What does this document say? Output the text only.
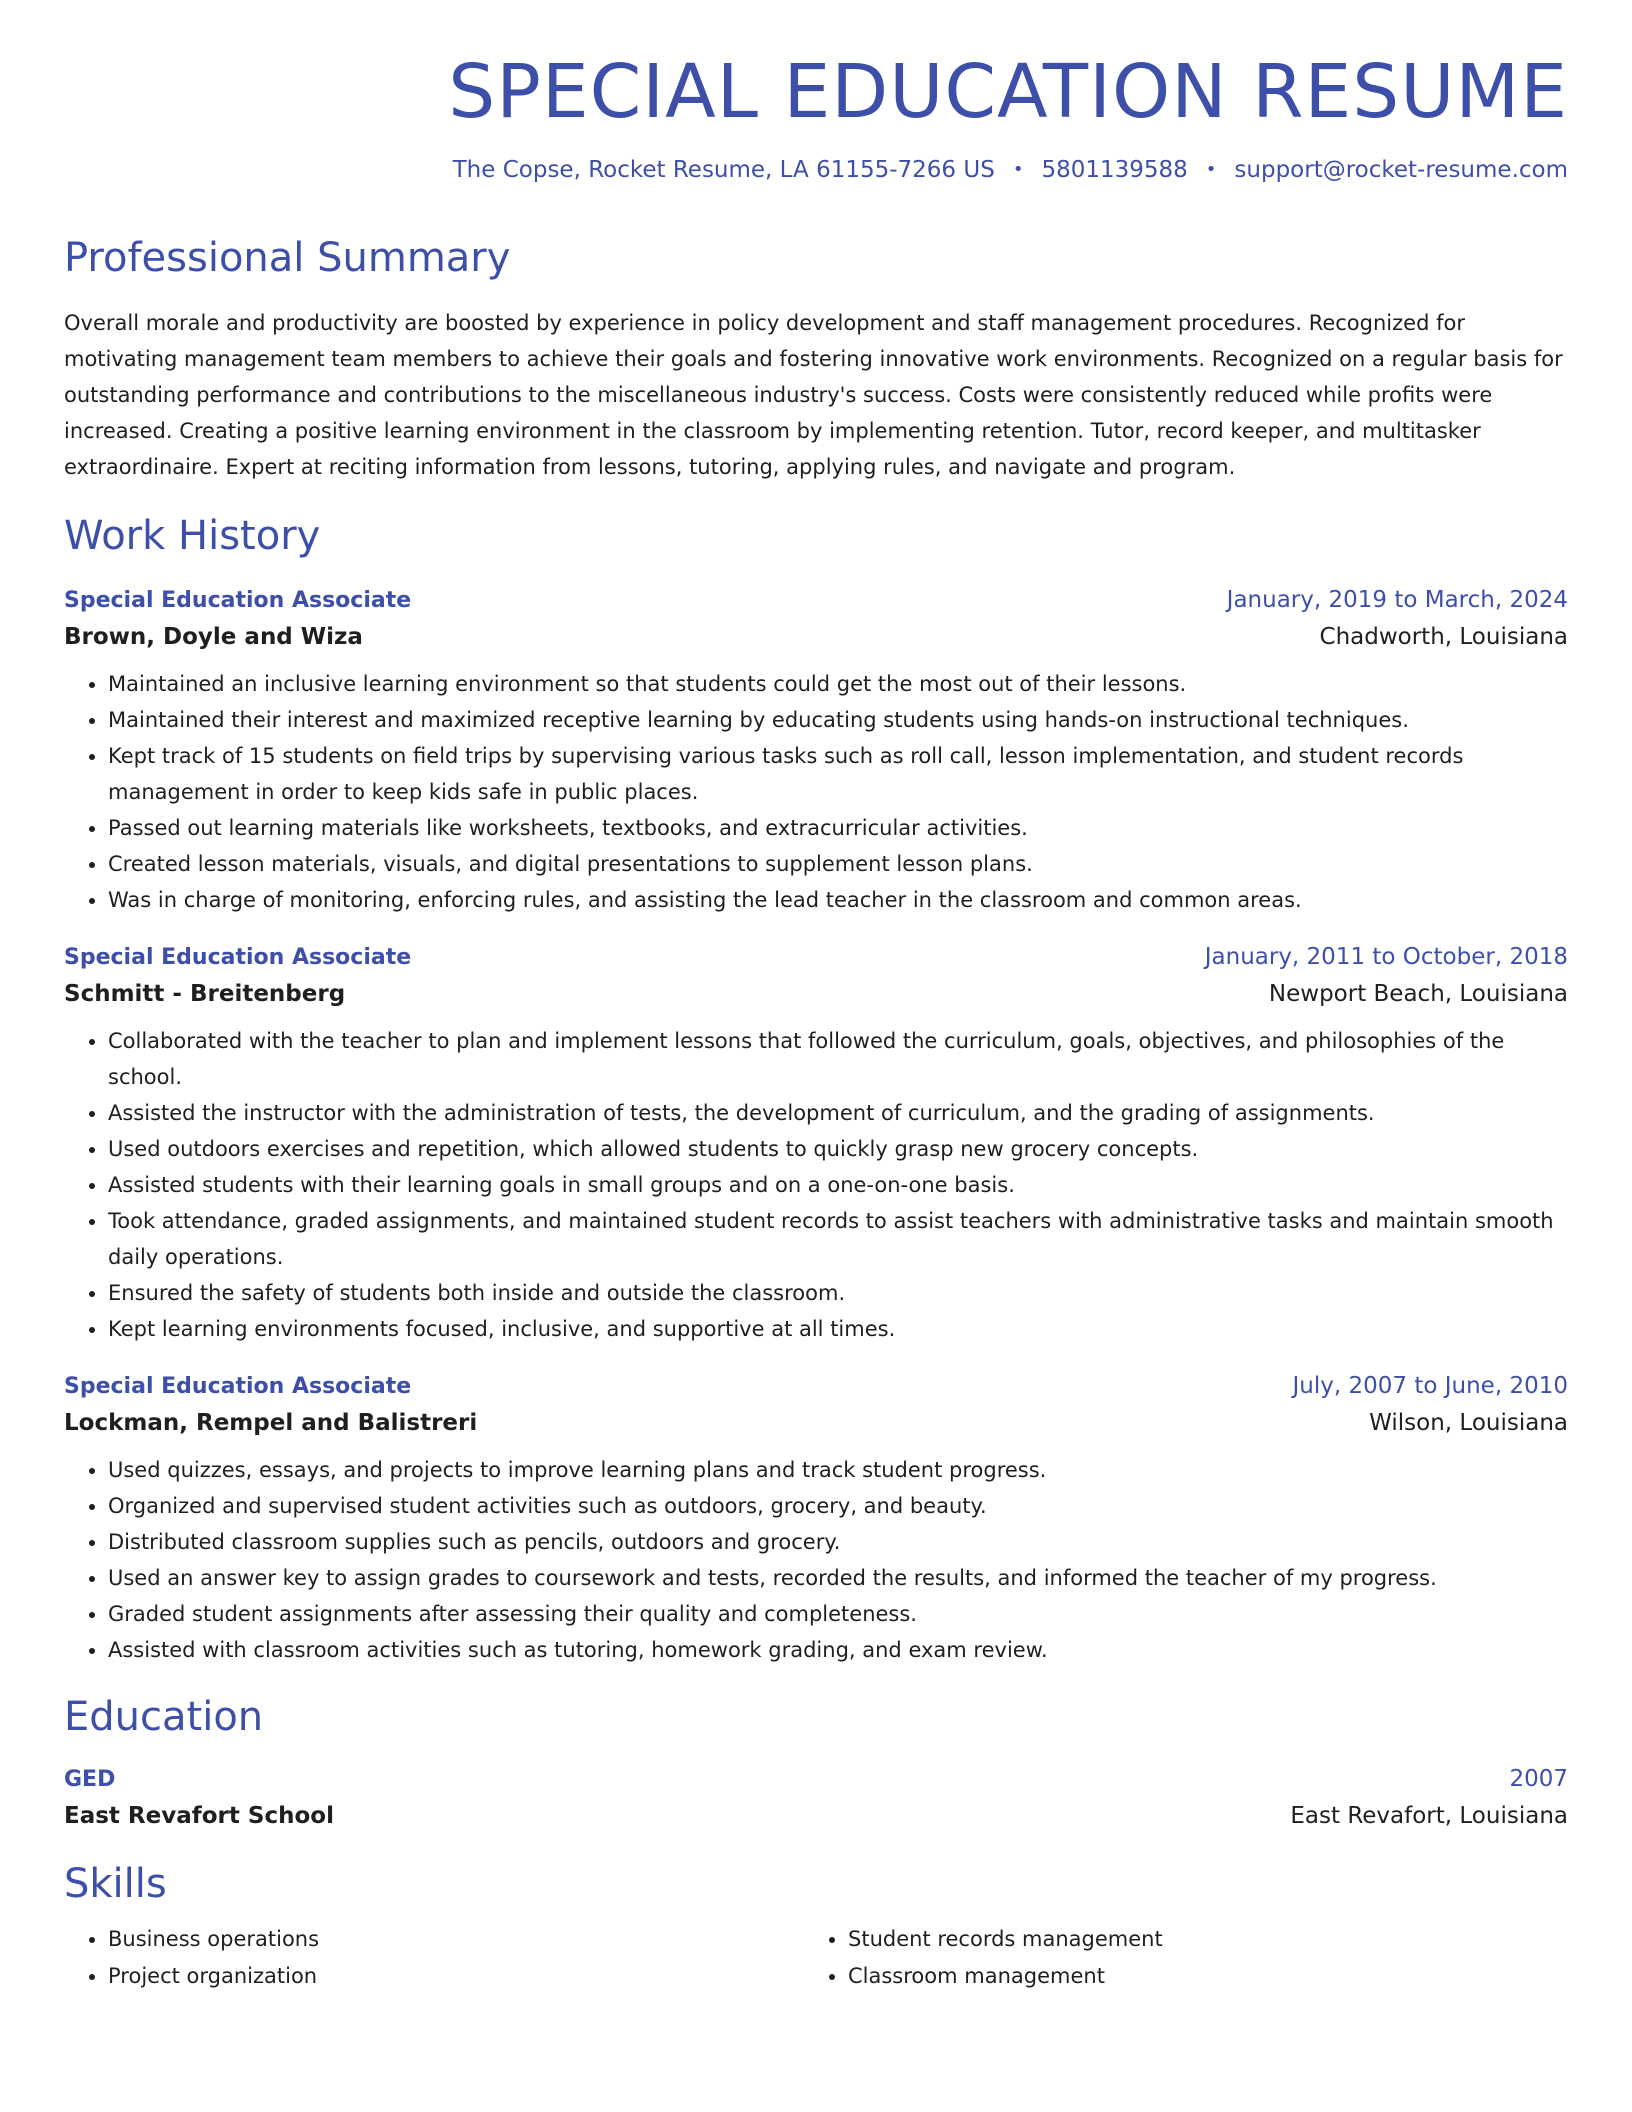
SPECIAL EDUCATION RESUME
The Copse, Rocket Resume, LA 61155-7266 US • 5801139588 • support@rocket-resume.com
Professional Summary
Overall morale and productivity are boosted by experience in policy development and staff management procedures. Recognized for motivating management team members to achieve their goals and fostering innovative work environments. Recognized on a regular basis for outstanding performance and contributions to the miscellaneous industry's success. Costs were consistently reduced while profits were increased. Creating a positive learning environment in the classroom by implementing retention. Tutor, record keeper, and multitasker extraordinaire. Expert at reciting information from lessons, tutoring, applying rules, and navigate and program.
Work History
Special Education Associate	January, 2019 to March, 2024
Brown, Doyle and Wiza	Chadworth, Louisiana
• Maintained an inclusive learning environment so that students could get the most out of their lessons.
• Maintained their interest and maximized receptive learning by educating students using hands-on instructional techniques.
• Kept track of 15 students on field trips by supervising various tasks such as roll call, lesson implementation, and student records management in order to keep kids safe in public places.
• Passed out learning materials like worksheets, textbooks, and extracurricular activities.
• Created lesson materials, visuals, and digital presentations to supplement lesson plans.
• Was in charge of monitoring, enforcing rules, and assisting the lead teacher in the classroom and common areas.
Special Education Associate	January, 2011 to October, 2018
Schmitt - Breitenberg	Newport Beach, Louisiana
• Collaborated with the teacher to plan and implement lessons that followed the curriculum, goals, objectives, and philosophies of the school.
• Assisted the instructor with the administration of tests, the development of curriculum, and the grading of assignments.
• Used outdoors exercises and repetition, which allowed students to quickly grasp new grocery concepts.
• Assisted students with their learning goals in small groups and on a one-on-one basis.
• Took attendance, graded assignments, and maintained student records to assist teachers with administrative tasks and maintain smooth daily operations.
• Ensured the safety of students both inside and outside the classroom.
• Kept learning environments focused, inclusive, and supportive at all times.
Special Education Associate	July, 2007 to June, 2010
Lockman, Rempel and Balistreri	Wilson, Louisiana
• Used quizzes, essays, and projects to improve learning plans and track student progress.
• Organized and supervised student activities such as outdoors, grocery, and beauty.
• Distributed classroom supplies such as pencils, outdoors and grocery.
• Used an answer key to assign grades to coursework and tests, recorded the results, and informed the teacher of my progress.
• Graded student assignments after assessing their quality and completeness.
• Assisted with classroom activities such as tutoring, homework grading, and exam review.
Education
GED	2007
East Revafort School	East Revafort, Louisiana
Skills
• Business operations
• Project organization
• Student records management
• Classroom management
